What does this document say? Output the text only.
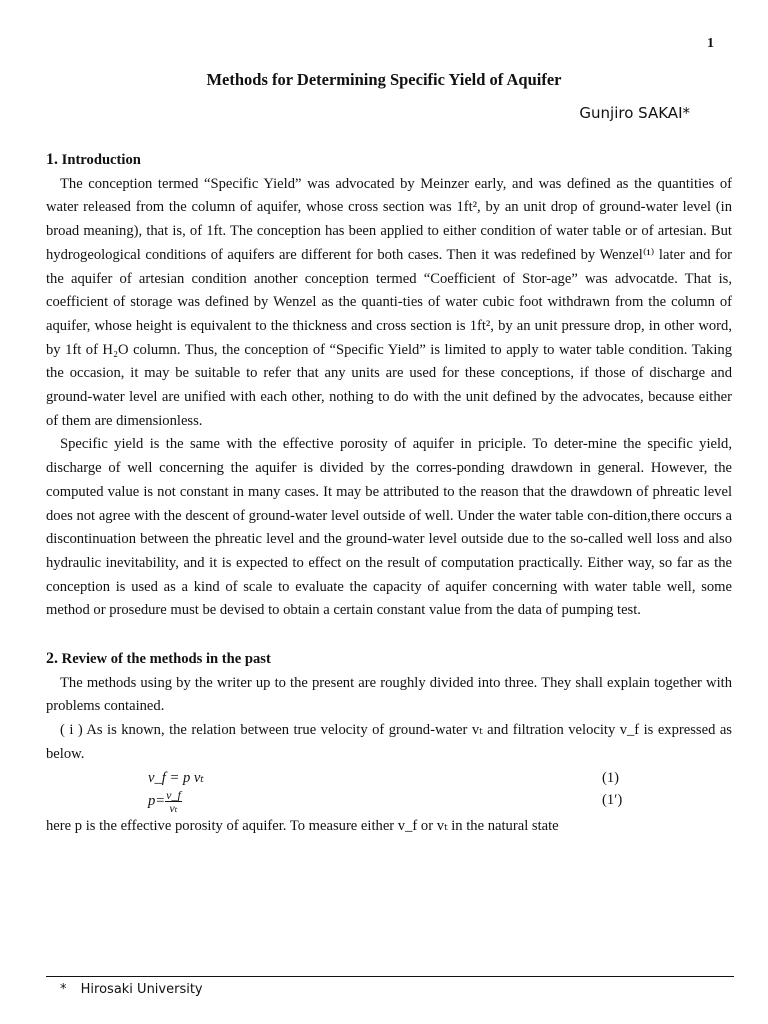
1
Methods for Determining Specific Yield of Aquifer
Gunjiro SAKAI*
1. Introduction

The conception termed “Specific Yield” was advocated by Meinzer early, and was defined as the quantities of water released from the column of aquifer, whose cross section was 1ft², by an unit drop of ground-water level (in broad meaning), that is, of 1ft. The conception has been applied to either condition of water table or of artesian. But hydrogeological conditions of aquifers are different for both cases. Then it was redefined by Wenzel⁽¹⁾ later and for the aquifer of artesian condition another conception termed “Coefficient of Stor-age” was advocatde. That is, coefficient of storage was defined by Wenzel as the quanti-ties of water cubic foot withdrawn from the column of aquifer, whose height is equivalent to the thickness and cross section is 1ft², by an unit pressure drop, in other word, by 1ft of H₂O column. Thus, the conception of “Specific Yield” is limited to apply to water table condition. Taking the occasion, it may be suitable to refer that any units are used for these conceptions, if those of discharge and ground-water level are unified with each other, nothing to do with the unit defined by the advocates, because either of them are dimensionless.

Specific yield is the same with the effective porosity of aquifer in priciple. To deter-mine the specific yield, discharge of well concerning the aquifer is divided by the corres-ponding drawdown in general. However, the computed value is not constant in many cases. It may be attributed to the reason that the drawdown of phreatic level does not agree with the descent of ground-water level outside of well. Under the water table con-dition,there occurs a discontinuation between the phreatic level and the ground-water level outside due to the so-called well loss and also hydraulic inevitability, and it is expected to effect on the result of computation practically. Either way, so far as the conception is used as a kind of scale to evaluate the capacity of aquifer concerning with water table well, some method or prosedure must be devised to obtain a certain constant value from the data of pumping test.

2. Review of the methods in the past

The methods using by the writer up to the present are roughly divided into three. They shall explain together with problems contained.

( i ) As is known, the relation between true velocity of ground-water vₜ and filtration velocity v_f is expressed as below.

v_f = p vₜ	(1)
$p= \frac{v\_f}{\text{vₜ}}$	(1′)

here p is the effective porosity of aquifer. To measure either v_f or vₜ in the natural state

* Hirosaki University
